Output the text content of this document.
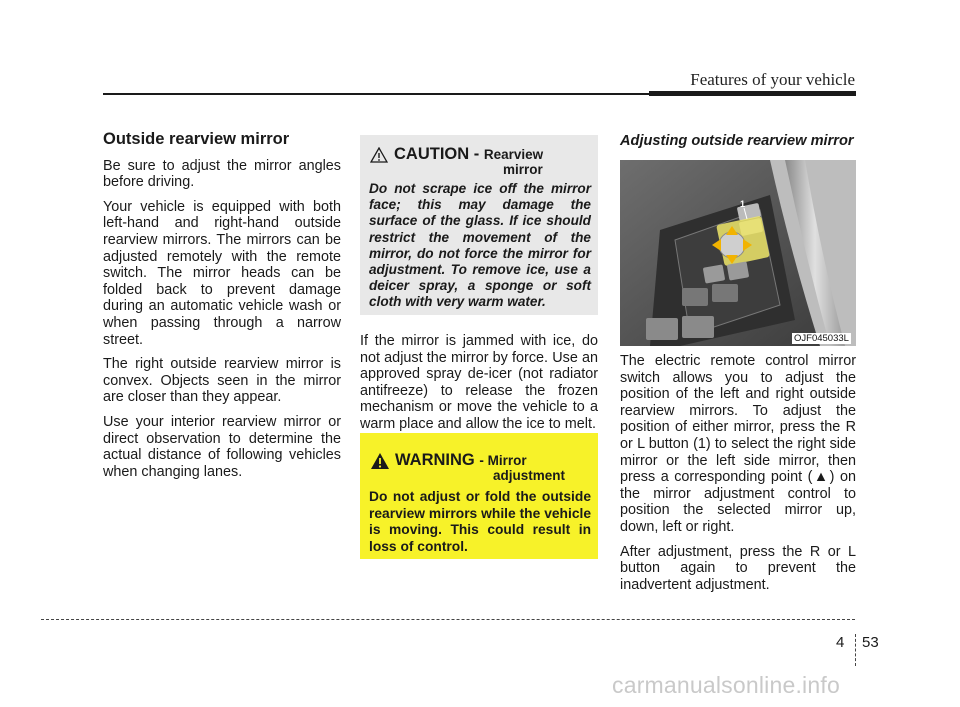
Features of your vehicle
Outside rearview mirror

Be sure to adjust the mirror angles before driving.

Your vehicle is equipped with both left-hand and right-hand outside rearview mirrors. The mirrors can be adjusted remotely with the remote switch. The mirror heads can be folded back to prevent damage during an automatic vehicle wash or when passing through a narrow street.

The right outside rearview mirror is convex. Objects seen in the mirror are closer than they appear.

Use your interior rearview mirror or direct observation to determine the actual distance of following vehicles when changing lanes.

CAUTION - Rearview
mirror
Do not scrape ice off the mirror face; this may damage the surface of the glass. If ice should restrict the movement of the mirror, do not force the mirror for adjustment. To remove ice, use a deicer spray, a sponge or soft cloth with very warm water.

If the mirror is jammed with ice, do not adjust the mirror by force. Use an approved spray de-icer (not radiator antifreeze) to release the frozen mechanism or move the vehicle to a warm place and allow the ice to melt.

WARNING - Mirror
adjustment
Do not adjust or fold the outside rearview mirrors while the vehicle is moving. This could result in loss of control.
Adjusting outside rearview mirror
1
OJF045033L

The electric remote control mirror switch allows you to adjust the position of the left and right outside rearview mirrors. To adjust the position of either mirror, press the R or L button (1) to select the right side mirror or the left side mirror, then press a corresponding point (▲) on the mirror adjustment control to position the selected mirror up, down, left or right.

After adjustment, press the R or L button again to prevent the inadvertent adjustment.

4 53
carmanualsonline.info
